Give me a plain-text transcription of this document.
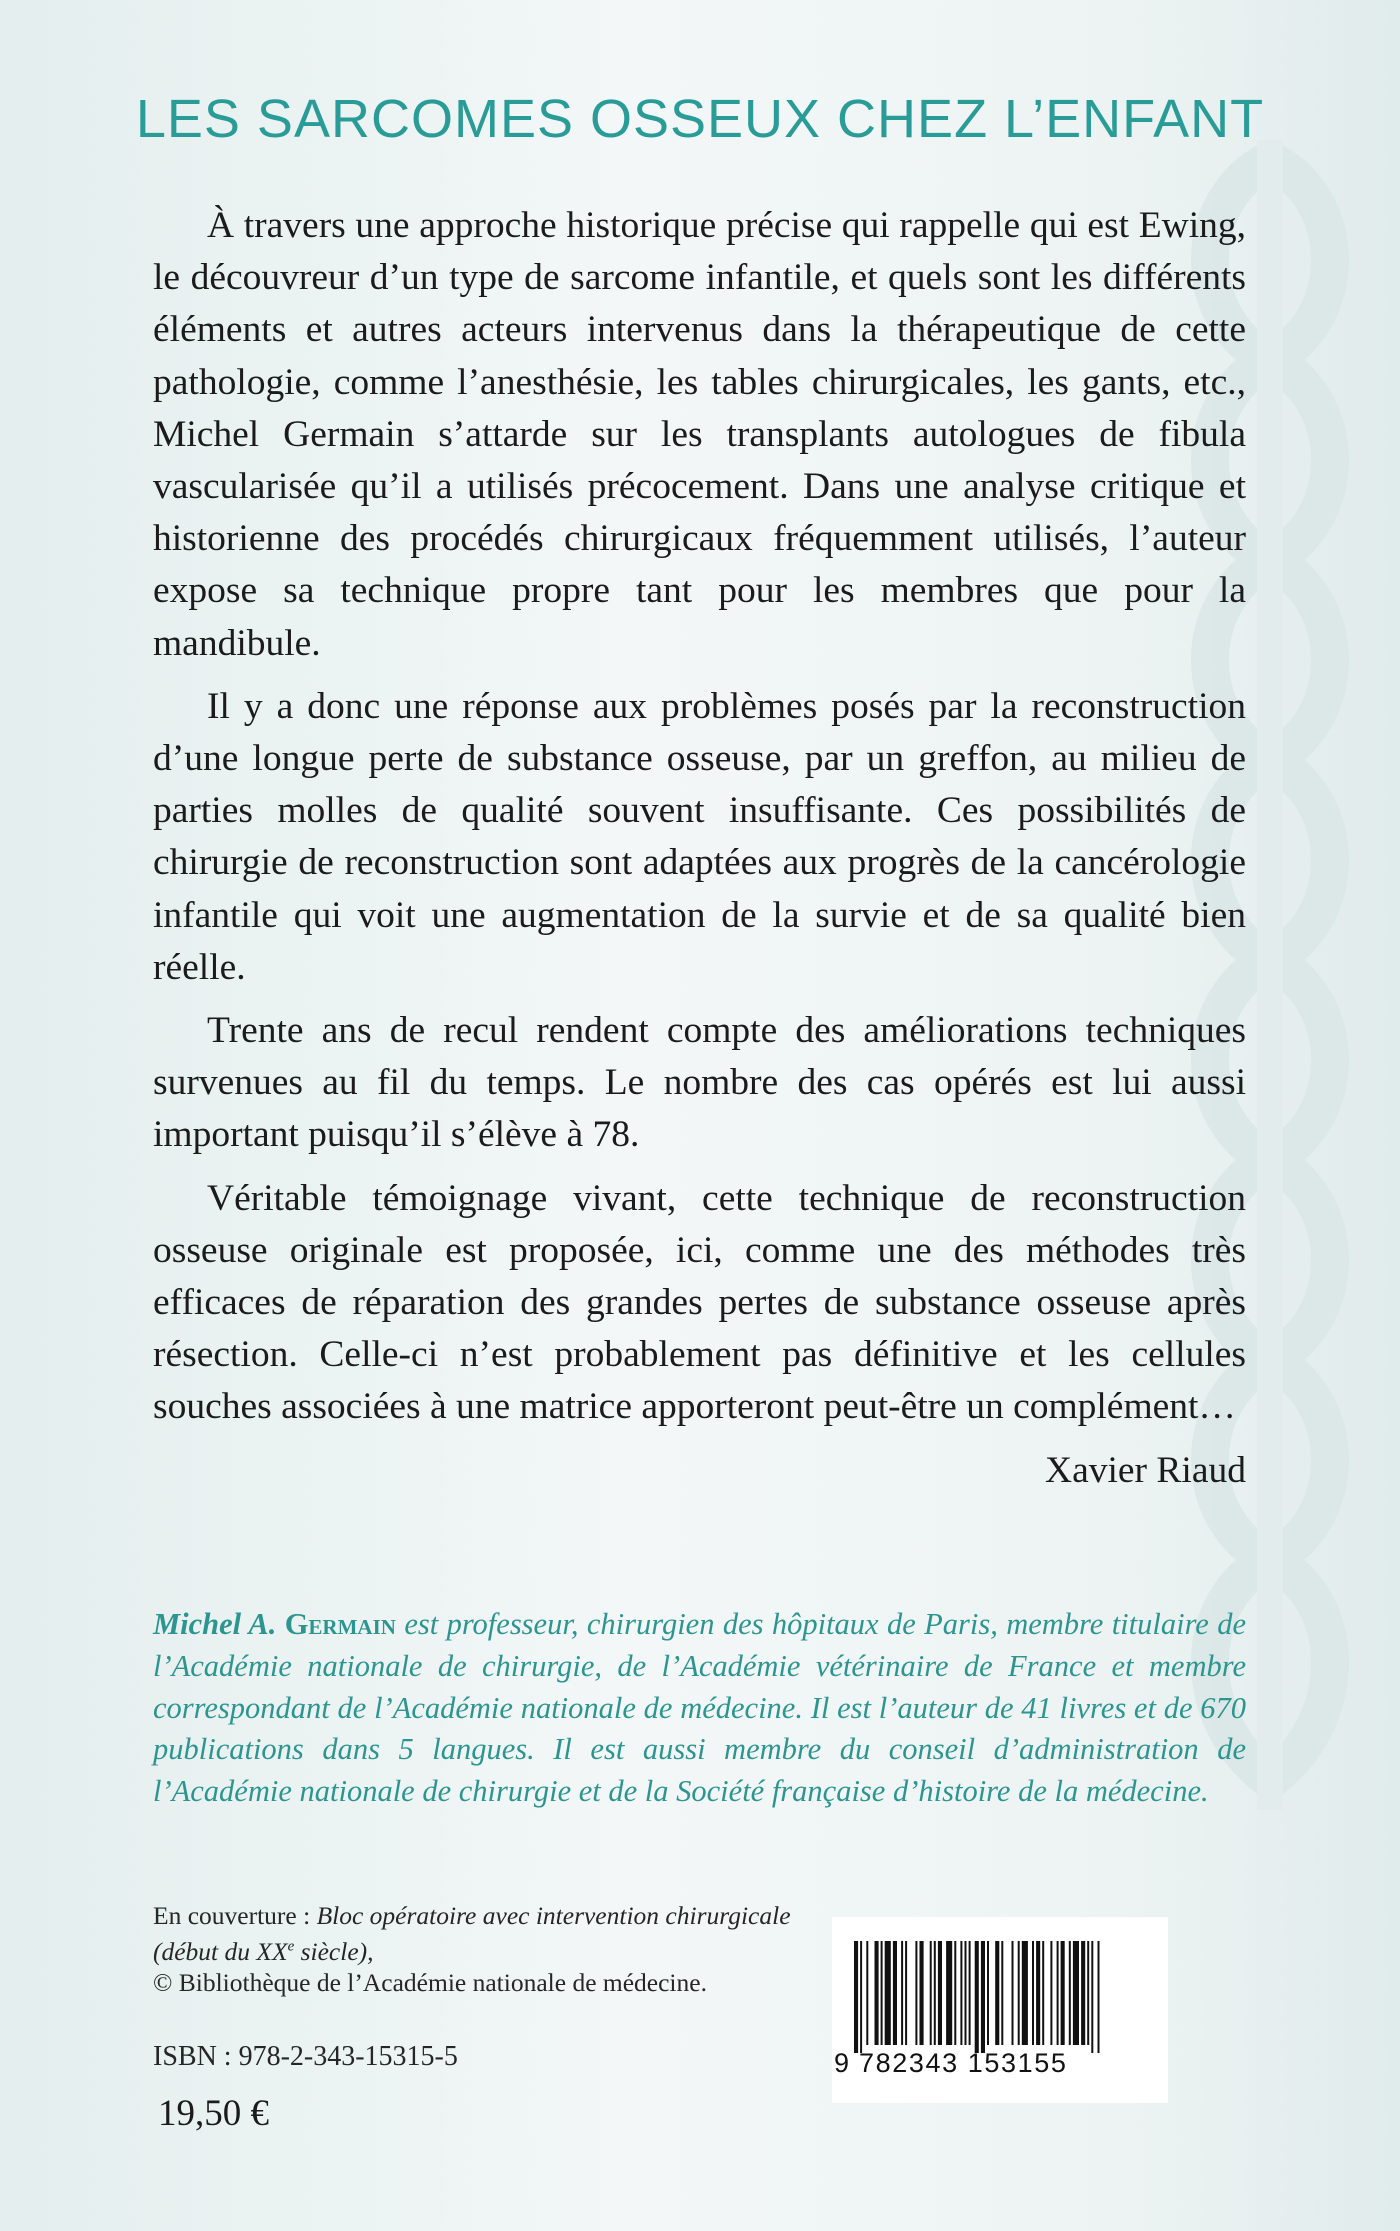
LES SARCOMES OSSEUX CHEZ L’ENFANT

À travers une approche historique précise qui rappelle qui est Ewing, le découvreur d’un type de sarcome infantile, et quels sont les différents éléments et autres acteurs intervenus dans la thérapeutique de cette pathologie, comme l’anesthésie, les tables chirurgicales, les gants, etc., Michel Germain s’attarde sur les transplants autologues de fibula vascularisée qu’il a utilisés précocement. Dans une analyse critique et historienne des procédés chirurgicaux fréquemment utilisés, l’auteur expose sa technique propre tant pour les membres que pour la mandibule.

Il y a donc une réponse aux problèmes posés par la reconstruction d’une longue perte de substance osseuse, par un greffon, au milieu de parties molles de qualité souvent insuffisante. Ces possibilités de chirurgie de reconstruction sont adaptées aux progrès de la cancérologie infantile qui voit une augmentation de la survie et de sa qualité bien réelle.

Trente ans de recul rendent compte des améliorations techniques survenues au fil du temps. Le nombre des cas opérés est lui aussi important puisqu’il s’élève à 78.

Véritable témoignage vivant, cette technique de reconstruction osseuse originale est proposée, ici, comme une des méthodes très efficaces de réparation des grandes pertes de substance osseuse après résection. Celle-ci n’est probablement pas définitive et les cellules souches associées à une matrice apporteront peut-être un complément…

Xavier Riaud

Michel A. Germain est professeur, chirurgien des hôpitaux de Paris, membre titulaire de l’Académie nationale de chirurgie, de l’Académie vétérinaire de France et membre correspondant de l’Académie nationale de médecine. Il est l’auteur de 41 livres et de 670 publications dans 5 langues. Il est aussi membre du conseil d’administration de l’Académie nationale de chirurgie et de la Société française d’histoire de la médecine.

En couverture : Bloc opératoire avec intervention chirurgicale (début du XXe siècle),
© Bibliothèque de l’Académie nationale de médecine.

ISBN : 978-2-343-15315-5

19,50 €

9 782343 153155
